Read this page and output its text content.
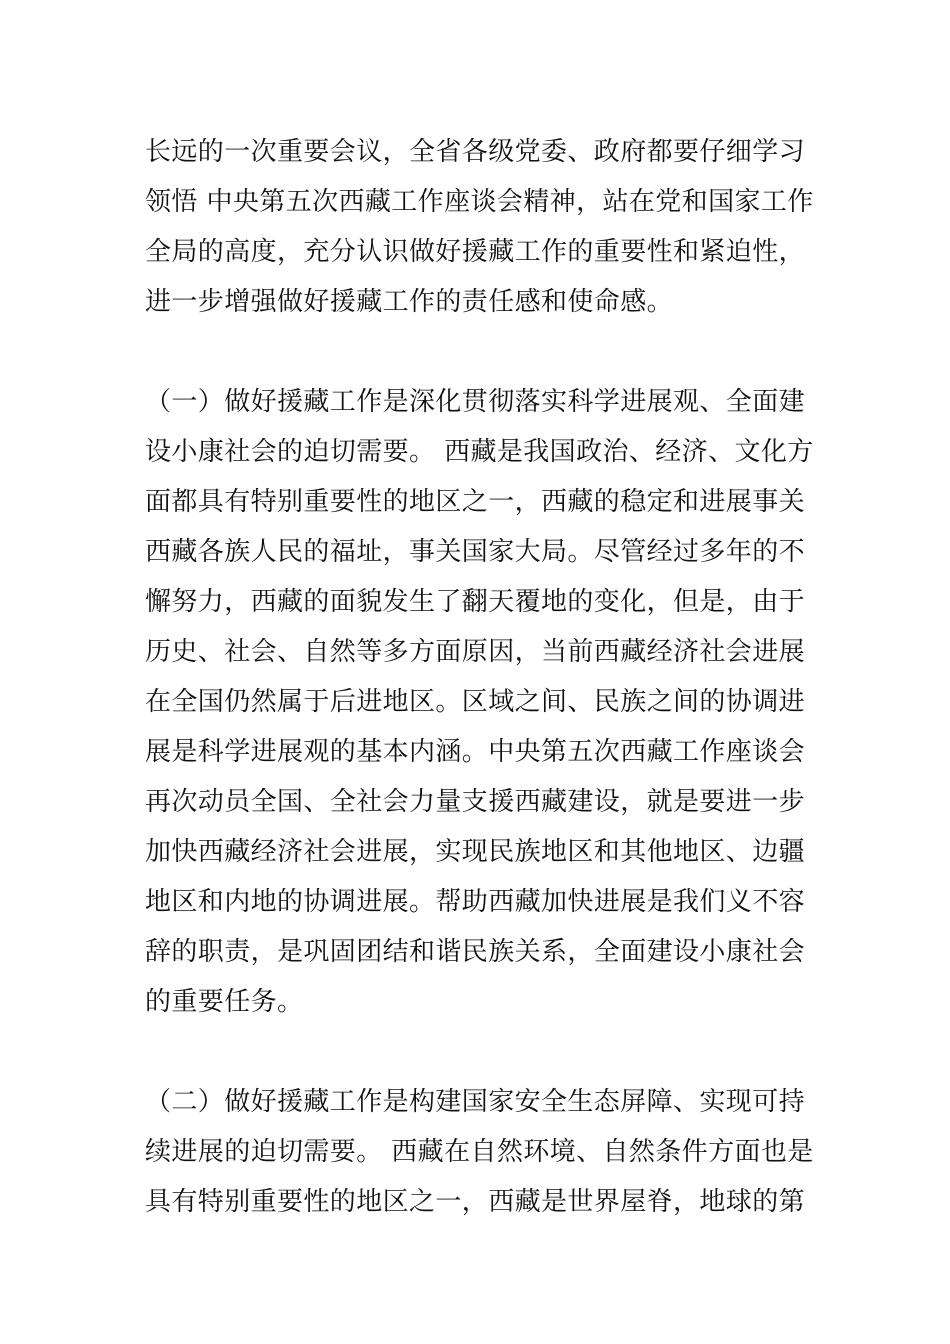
长远的一次重要会议，全省各级党委、政府都要仔细学习
领悟 中央第五次西藏工作座谈会精神，站在党和国家工作
全局的高度，充分认识做好援藏工作的重要性和紧迫性，
进一步增强做好援藏工作的责任感和使命感。
（一）做好援藏工作是深化贯彻落实科学进展观、全面建
设小康社会的迫切需要。 西藏是我国政治、经济、文化方
面都具有特别重要性的地区之一，西藏的稳定和进展事关
西藏各族人民的福址，事关国家大局。尽管经过多年的不
懈努力，西藏的面貌发生了翻天覆地的变化，但是，由于
历史、社会、自然等多方面原因，当前西藏经济社会进展
在全国仍然属于后进地区。区域之间、民族之间的协调进
展是科学进展观的基本内涵。中央第五次西藏工作座谈会
再次动员全国、全社会力量支援西藏建设，就是要进一步
加快西藏经济社会进展，实现民族地区和其他地区、边疆
地区和内地的协调进展。帮助西藏加快进展是我们义不容
辞的职责，是巩固团结和谐民族关系，全面建设小康社会
的重要任务。
（二）做好援藏工作是构建国家安全生态屏障、实现可持
续进展的迫切需要。 西藏在自然环境、自然条件方面也是
具有特别重要性的地区之一，西藏是世界屋脊，地球的第
